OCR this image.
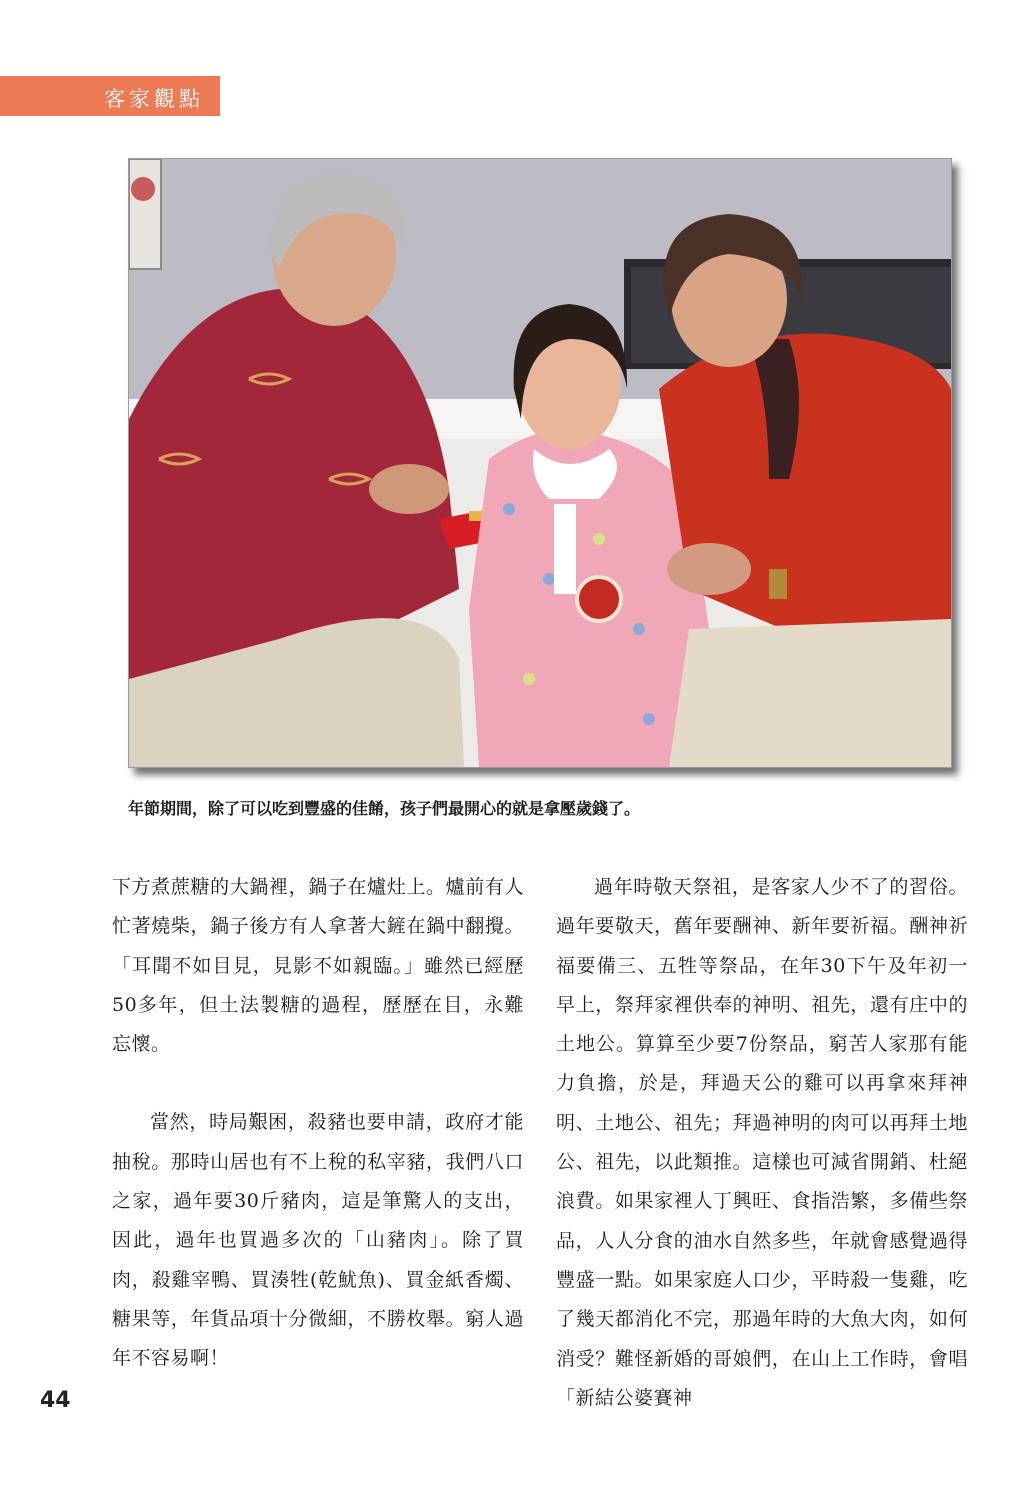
客家觀點
年節期間，除了可以吃到豐盛的佳餚，孩子們最開心的就是拿壓歲錢了。

下方煮蔗糖的大鍋裡，鍋子在爐灶上。爐前有人忙著燒柴，鍋子後方有人拿著大鏟在鍋中翻攪。「耳聞不如目見，見影不如親臨。」雖然已經歷50多年，但土法製糖的過程，歷歷在目，永難忘懷。

當然，時局艱困，殺豬也要申請，政府才能抽稅。那時山居也有不上稅的私宰豬，我們八口之家，過年要30斤豬肉，這是筆驚人的支出，因此，過年也買過多次的「山豬肉」。除了買肉，殺雞宰鴨、買湊牲(乾魷魚)、買金紙香燭、糖果等，年貨品項十分微細，不勝枚舉。窮人過年不容易啊！

過年時敬天祭祖，是客家人少不了的習俗。過年要敬天，舊年要酬神、新年要祈福。酬神祈福要備三、五牲等祭品，在年30下午及年初一早上，祭拜家裡供奉的神明、祖先，還有庄中的土地公。算算至少要7份祭品，窮苦人家那有能力負擔，於是，拜過天公的雞可以再拿來拜神明、土地公、祖先；拜過神明的肉可以再拜土地公、祖先，以此類推。這樣也可減省開銷、杜絕浪費。如果家裡人丁興旺、食指浩繁，多備些祭品，人人分食的油水自然多些，年就會感覺過得豐盛一點。如果家庭人口少，平時殺一隻雞，吃了幾天都消化不完，那過年時的大魚大肉，如何消受？難怪新婚的哥娘們，在山上工作時，會唱「新結公婆賽神

44
